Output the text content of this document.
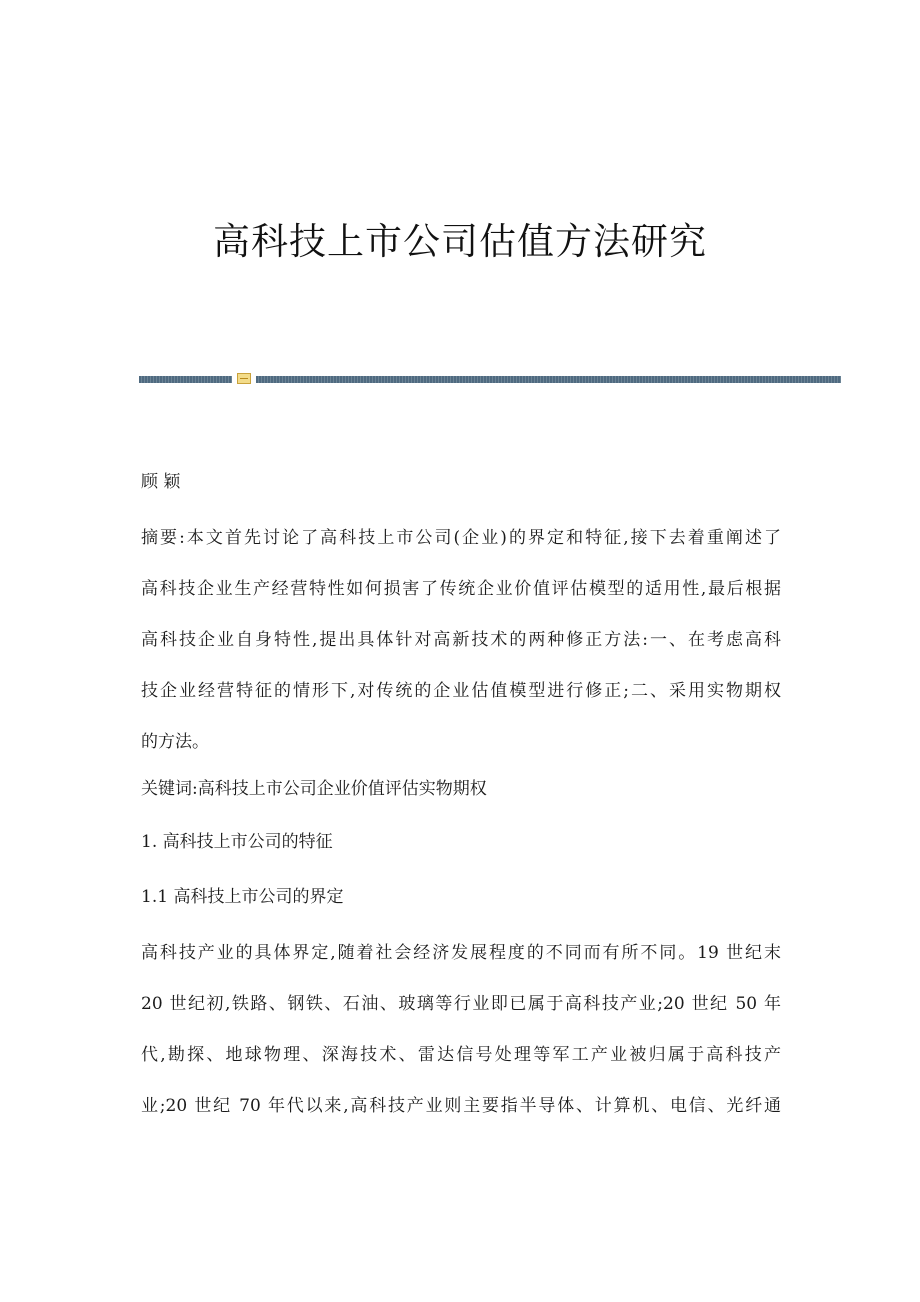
高科技上市公司估值方法研究

顾 颖

摘要:本文首先讨论了高科技上市公司(企业)的界定和特征,接下去着重阐述了
高科技企业生产经营特性如何损害了传统企业价值评估模型的适用性,最后根据
高科技企业自身特性,提出具体针对高新技术的两种修正方法:一、在考虑高科
技企业经营特征的情形下,对传统的企业估值模型进行修正;二、采用实物期权
的方法。

关键词:高科技上市公司企业价值评估实物期权

1. 高科技上市公司的特征

1.1 高科技上市公司的界定

高科技产业的具体界定,随着社会经济发展程度的不同而有所不同。19 世纪末
20 世纪初,铁路、钢铁、石油、玻璃等行业即已属于高科技产业;20 世纪 50 年
代,勘探、地球物理、深海技术、雷达信号处理等军工产业被归属于高科技产
业;20 世纪 70 年代以来,高科技产业则主要指半导体、计算机、电信、光纤通
